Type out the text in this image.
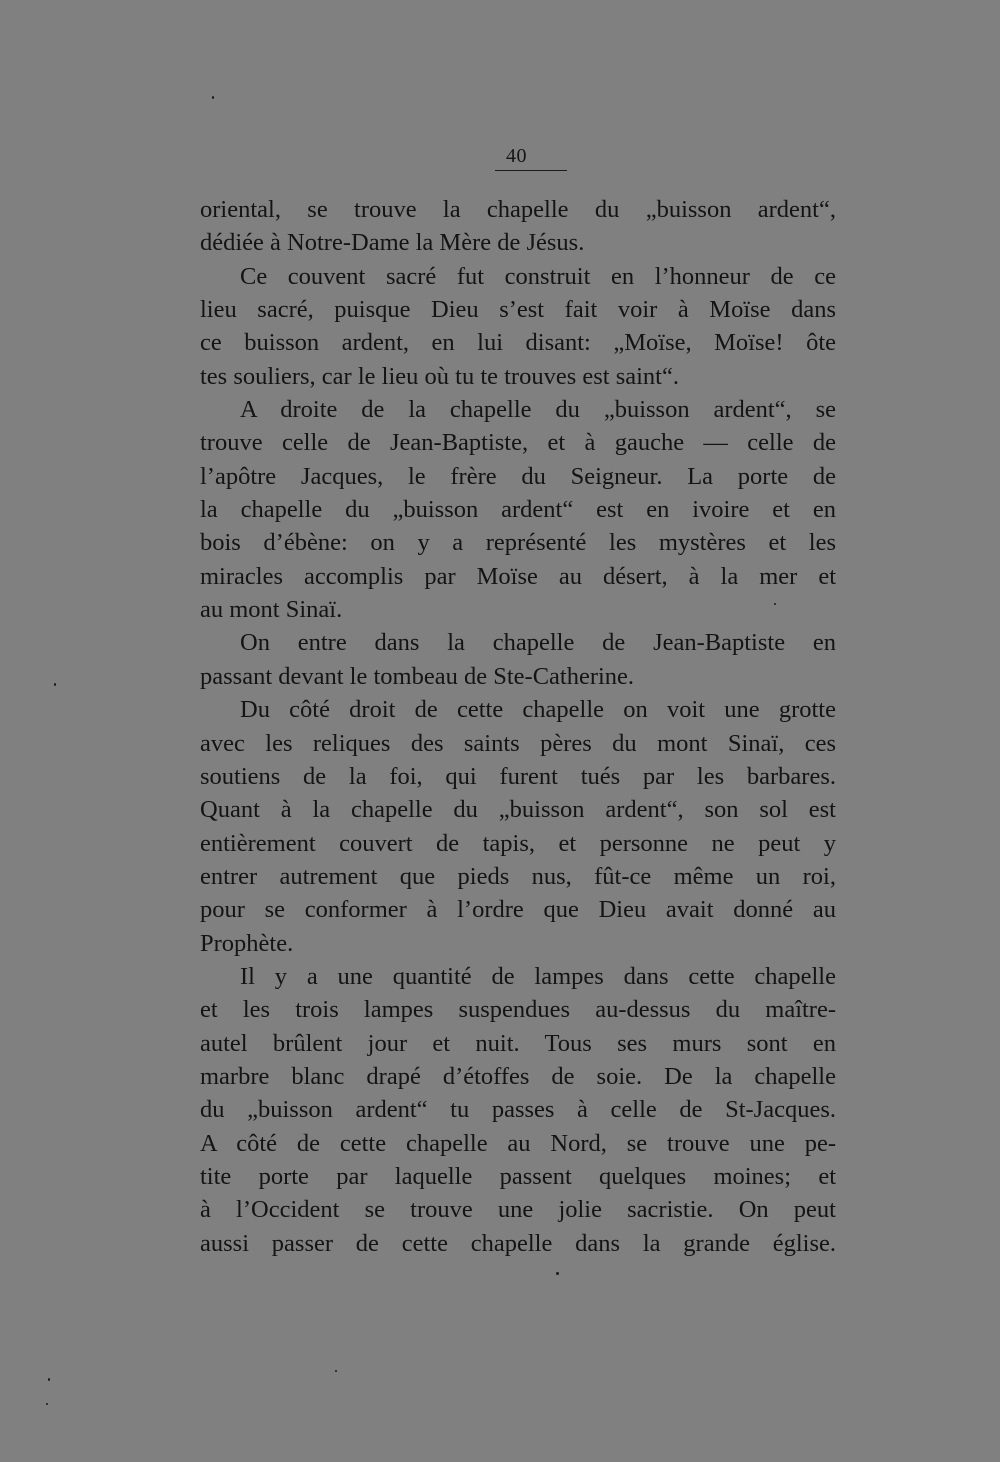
40
oriental, se trouve la chapelle du „buisson ardent“,
dédiée à Notre-Dame la Mère de Jésus.
Ce couvent sacré fut construit en l’honneur de ce
lieu sacré, puisque Dieu s’est fait voir à Moïse dans
ce buisson ardent, en lui disant: „Moïse, Moïse! ôte
tes souliers, car le lieu où tu te trouves est saint“.
A droite de la chapelle du „buisson ardent“, se
trouve celle de Jean-Baptiste, et à gauche — celle de
l’apôtre Jacques, le frère du Seigneur. La porte de
la chapelle du „buisson ardent“ est en ivoire et en
bois d’ébène: on y a représenté les mystères et les
miracles accomplis par Moïse au désert, à la mer et
au mont Sinaï.
On entre dans la chapelle de Jean-Baptiste en
passant devant le tombeau de Ste-Catherine.
Du côté droit de cette chapelle on voit une grotte
avec les reliques des saints pères du mont Sinaï, ces
soutiens de la foi, qui furent tués par les barbares.
Quant à la chapelle du „buisson ardent“, son sol est
entièrement couvert de tapis, et personne ne peut y
entrer autrement que pieds nus, fût-ce même un roi,
pour se conformer à l’ordre que Dieu avait donné au
Prophète.
Il y a une quantité de lampes dans cette chapelle
et les trois lampes suspendues au-dessus du maître-
autel brûlent jour et nuit. Tous ses murs sont en
marbre blanc drapé d’étoffes de soie. De la chapelle
du „buisson ardent“ tu passes à celle de St-Jacques.
A côté de cette chapelle au Nord, se trouve une pe-
tite porte par laquelle passent quelques moines; et
à l’Occident se trouve une jolie sacristie. On peut
aussi passer de cette chapelle dans la grande église.
